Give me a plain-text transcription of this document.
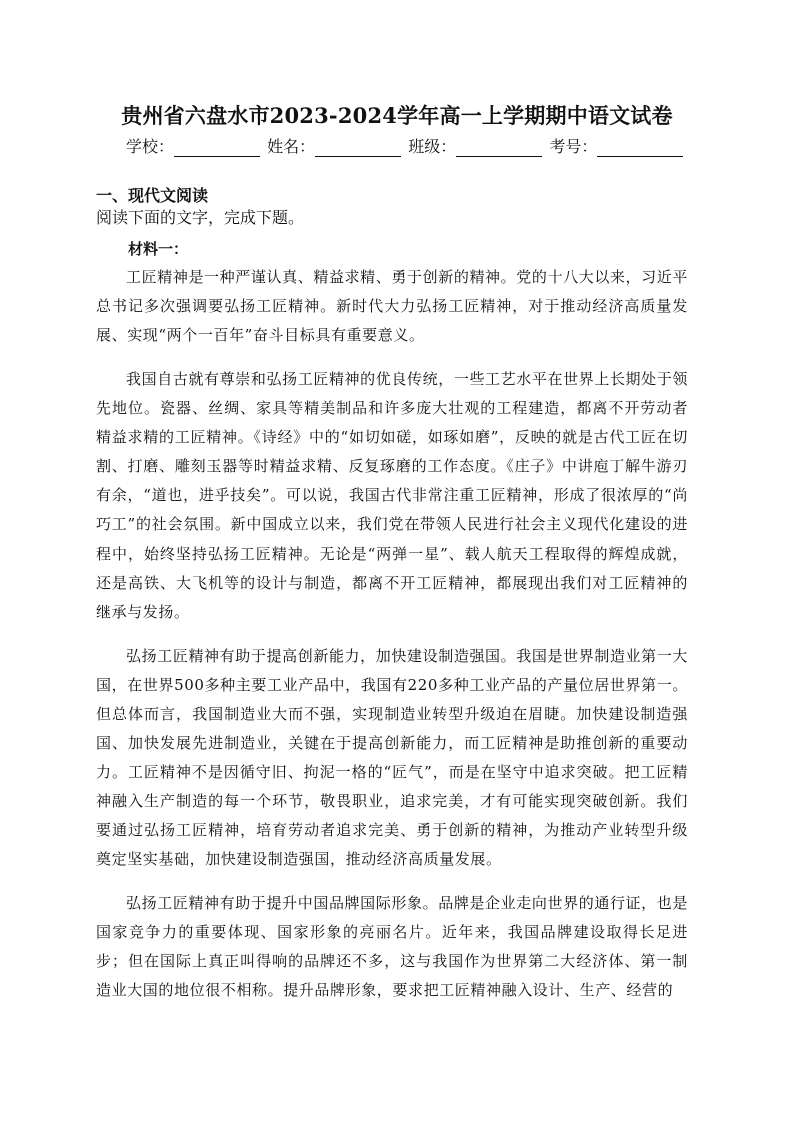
贵州省六盘水市2023-2024学年高一上学期期中语文试卷
学校：	姓名：	班级：	考号：
一、现代文阅读
阅读下面的文字，完成下题。
材料一：

工匠精神是一种严谨认真、精益求精、勇于创新的精神。党的十八大以来，习近平总书记多次强调要弘扬工匠精神。新时代大力弘扬工匠精神，对于推动经济高质量发展、实现“两个一百年”奋斗目标具有重要意义。

我国自古就有尊崇和弘扬工匠精神的优良传统，一些工艺水平在世界上长期处于领先地位。瓷器、丝绸、家具等精美制品和许多庞大壮观的工程建造，都离不开劳动者精益求精的工匠精神。《诗经》中的“如切如磋，如琢如磨”，反映的就是古代工匠在切割、打磨、雕刻玉器等时精益求精、反复琢磨的工作态度。《庄子》中讲庖丁解牛游刃有余，“道也，进乎技矣”。可以说，我国古代非常注重工匠精神，形成了很浓厚的“尚巧工”的社会氛围。新中国成立以来，我们党在带领人民进行社会主义现代化建设的进程中，始终坚持弘扬工匠精神。无论是“两弹一星”、载人航天工程取得的辉煌成就，还是高铁、大飞机等的设计与制造，都离不开工匠精神，都展现出我们对工匠精神的继承与发扬。

弘扬工匠精神有助于提高创新能力，加快建设制造强国。我国是世界制造业第一大国，在世界500多种主要工业产品中，我国有220多种工业产品的产量位居世界第一。但总体而言，我国制造业大而不强，实现制造业转型升级迫在眉睫。加快建设制造强国、加快发展先进制造业，关键在于提高创新能力，而工匠精神是助推创新的重要动力。工匠精神不是因循守旧、拘泥一格的“匠气”，而是在坚守中追求突破。把工匠精神融入生产制造的每一个环节，敬畏职业，追求完美，才有可能实现突破创新。我们要通过弘扬工匠精神，培育劳动者追求完美、勇于创新的精神，为推动产业转型升级奠定坚实基础，加快建设制造强国，推动经济高质量发展。

弘扬工匠精神有助于提升中国品牌国际形象。品牌是企业走向世界的通行证，也是国家竞争力的重要体现、国家形象的亮丽名片。近年来，我国品牌建设取得长足进步；但在国际上真正叫得响的品牌还不多，这与我国作为世界第二大经济体、第一制造业大国的地位很不相称。提升品牌形象，要求把工匠精神融入设计、生产、经营的
